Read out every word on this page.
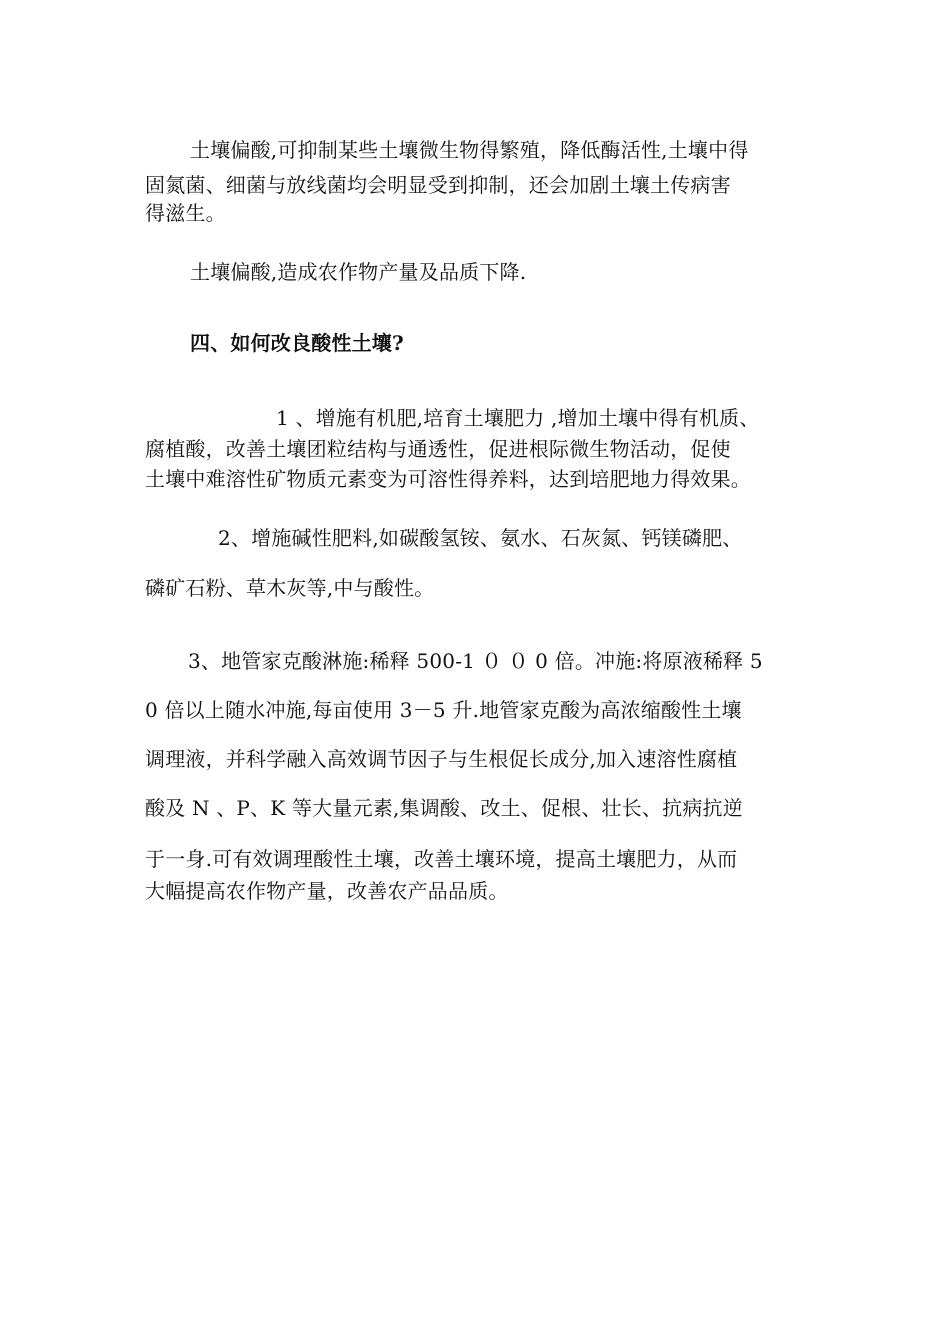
土壤偏酸,可抑制某些土壤微生物得繁殖，降低酶活性,土壤中得
固氮菌、细菌与放线菌均会明显受到抑制，还会加剧土壤土传病害
得滋生。
土壤偏酸,造成农作物产量及品质下降.
四、如何改良酸性土壤?
1 、增施有机肥,培育土壤肥力 ,增加土壤中得有机质、
腐植酸，改善土壤团粒结构与通透性，促进根际微生物活动，促使
土壤中难溶性矿物质元素变为可溶性得养料，达到培肥地力得效果。
2、增施碱性肥料,如碳酸氢铵、氨水、石灰氮、钙镁磷肥、
磷矿石粉、草木灰等,中与酸性。
3、地管家克酸淋施:稀释 500-1 ０ ０ 0 倍。冲施:将原液稀释 5
0 倍以上随水冲施,每亩使用 3－5 升.地管家克酸为高浓缩酸性土壤
调理液，并科学融入高效调节因子与生根促长成分,加入速溶性腐植
酸及 N 、P、K 等大量元素,集调酸、改土、促根、壮长、抗病抗逆
于一身.可有效调理酸性土壤，改善土壤环境，提高土壤肥力，从而
大幅提高农作物产量，改善农产品品质。
